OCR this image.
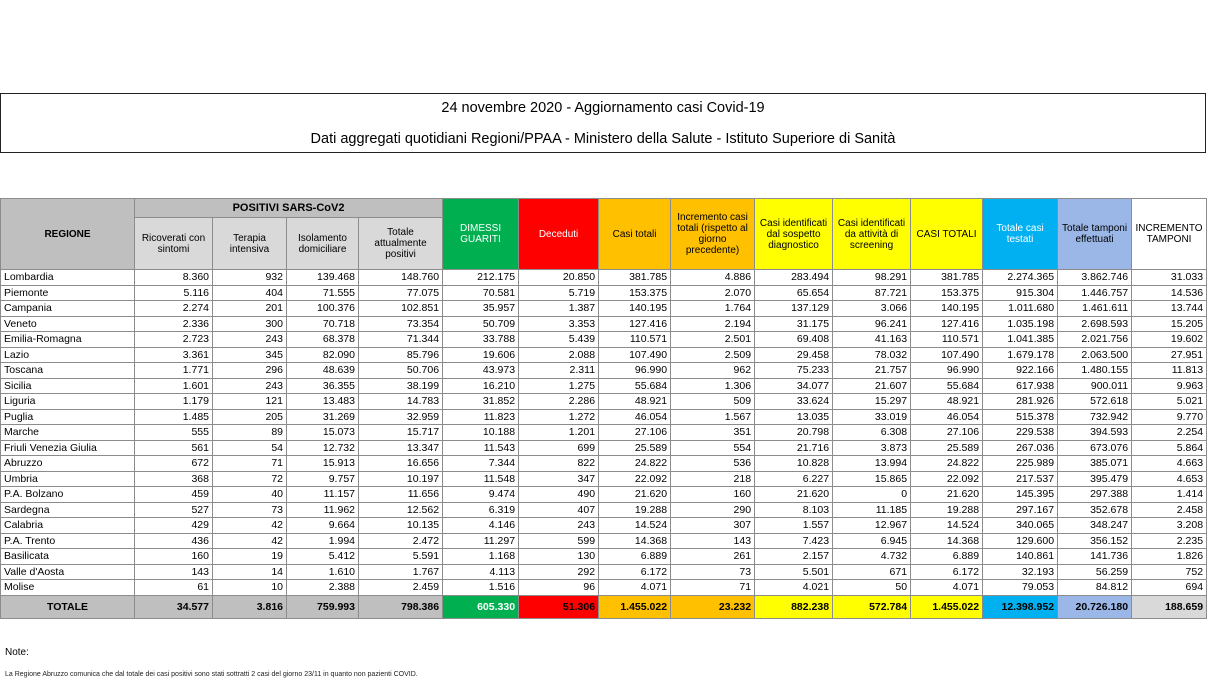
24 novembre 2020 - Aggiornamento casi Covid-19
Dati aggregati quotidiani Regioni/PPAA - Ministero della Salute - Istituto Superiore di Sanità
REGIONE	POSITIVI SARS-CoV2				DIMESSI GUARITI	Deceduti	Casi totali	Incremento casi totali (rispetto al giorno precedente)	Casi identificati dal sospetto diagnostico	Casi identificati da attività di screening	CASI TOTALI	Totale casi testati	Totale tamponi effettuati	INCREMENTO TAMPONI
	Ricoverati con sintomi	Terapia intensiva	Isolamento domiciliare	Totale attualmente positivi										
Lombardia	8.360	932	139.468	148.760	212.175	20.850	381.785	4.886	283.494	98.291	381.785	2.274.365	3.862.746	31.033
Piemonte	5.116	404	71.555	77.075	70.581	5.719	153.375	2.070	65.654	87.721	153.375	915.304	1.446.757	14.536
Campania	2.274	201	100.376	102.851	35.957	1.387	140.195	1.764	137.129	3.066	140.195	1.011.680	1.461.611	13.744
Veneto	2.336	300	70.718	73.354	50.709	3.353	127.416	2.194	31.175	96.241	127.416	1.035.198	2.698.593	15.205
Emilia-Romagna	2.723	243	68.378	71.344	33.788	5.439	110.571	2.501	69.408	41.163	110.571	1.041.385	2.021.756	19.602
Lazio	3.361	345	82.090	85.796	19.606	2.088	107.490	2.509	29.458	78.032	107.490	1.679.178	2.063.500	27.951
Toscana	1.771	296	48.639	50.706	43.973	2.311	96.990	962	75.233	21.757	96.990	922.166	1.480.155	11.813
Sicilia	1.601	243	36.355	38.199	16.210	1.275	55.684	1.306	34.077	21.607	55.684	617.938	900.011	9.963
Liguria	1.179	121	13.483	14.783	31.852	2.286	48.921	509	33.624	15.297	48.921	281.926	572.618	5.021
Puglia	1.485	205	31.269	32.959	11.823	1.272	46.054	1.567	13.035	33.019	46.054	515.378	732.942	9.770
Marche	555	89	15.073	15.717	10.188	1.201	27.106	351	20.798	6.308	27.106	229.538	394.593	2.254
Friuli Venezia Giulia	561	54	12.732	13.347	11.543	699	25.589	554	21.716	3.873	25.589	267.036	673.076	5.864
Abruzzo	672	71	15.913	16.656	7.344	822	24.822	536	10.828	13.994	24.822	225.989	385.071	4.663
Umbria	368	72	9.757	10.197	11.548	347	22.092	218	6.227	15.865	22.092	217.537	395.479	4.653
P.A. Bolzano	459	40	11.157	11.656	9.474	490	21.620	160	21.620	0	21.620	145.395	297.388	1.414
Sardegna	527	73	11.962	12.562	6.319	407	19.288	290	8.103	11.185	19.288	297.167	352.678	2.458
Calabria	429	42	9.664	10.135	4.146	243	14.524	307	1.557	12.967	14.524	340.065	348.247	3.208
P.A. Trento	436	42	1.994	2.472	11.297	599	14.368	143	7.423	6.945	14.368	129.600	356.152	2.235
Basilicata	160	19	5.412	5.591	1.168	130	6.889	261	2.157	4.732	6.889	140.861	141.736	1.826
Valle d'Aosta	143	14	1.610	1.767	4.113	292	6.172	73	5.501	671	6.172	32.193	56.259	752
Molise	61	10	2.388	2.459	1.516	96	4.071	71	4.021	50	4.071	79.053	84.812	694
TOTALE	34.577	3.816	759.993	798.386	605.330	51.306	1.455.022	23.232	882.238	572.784	1.455.022	12.398.952	20.726.180	188.659
Note:
La Regione Abruzzo comunica che dal totale dei casi positivi sono stati sottratti 2 casi del giorno 23/11 in quanto non pazienti COVID.
